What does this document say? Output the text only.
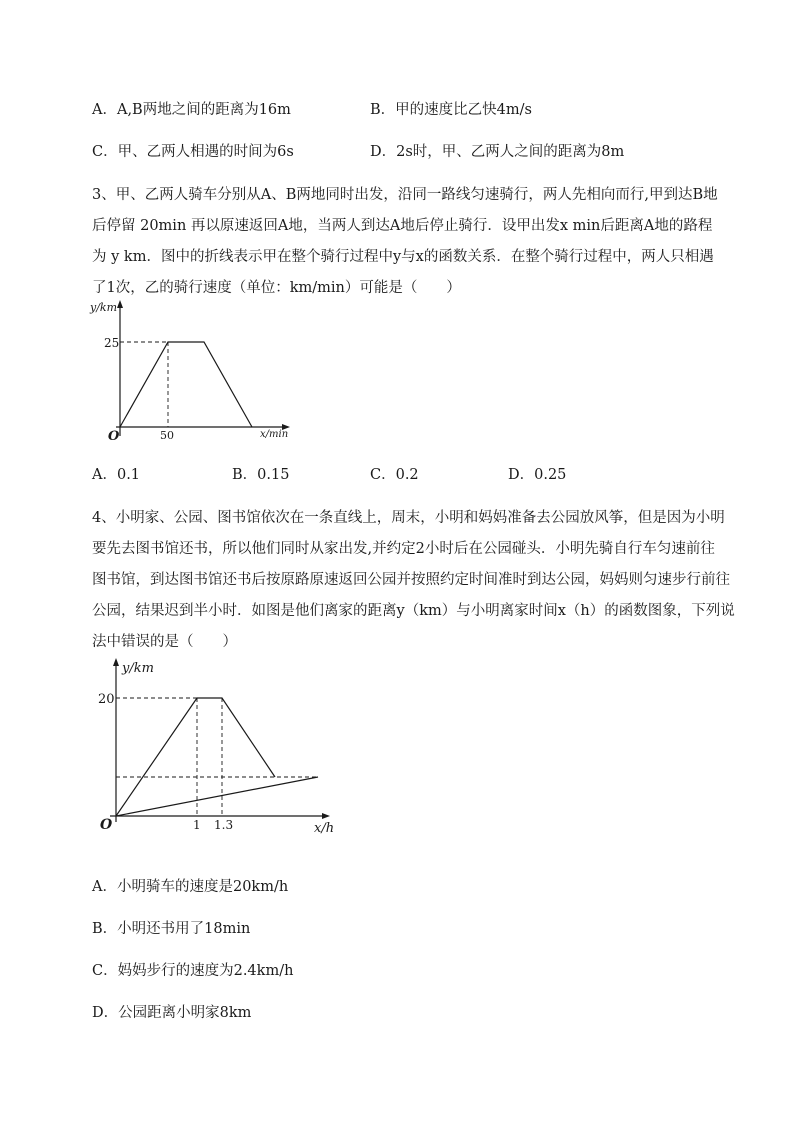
A．A,B两地之间的距离为16m	B．甲的速度比乙快4m/s
C．甲、乙两人相遇的时间为6s	D．2s时，甲、乙两人之间的距离为8m
3、甲、乙两人骑车分别从A、B两地同时出发，沿同一路线匀速骑行，两人先相向而行,甲到达B地
后停留 20min 再以原速返回A地，当两人到达A地后停止骑行．设甲出发x min后距离A地的路程
为 y km．图中的折线表示甲在整个骑行过程中y与x的函数关系．在整个骑行过程中，两人只相遇
了1次，乙的骑行速度（单位：km/min）可能是（　　）
y/km
25
50
O	x/min
A．0.1	B．0.15	C．0.2	D．0.25
4、小明家、公园、图书馆依次在一条直线上，周末，小明和妈妈准备去公园放风筝，但是因为小明
要先去图书馆还书，所以他们同时从家出发,并约定2小时后在公园碰头．小明先骑自行车匀速前往
图书馆，到达图书馆还书后按原路原速返回公园并按照约定时间准时到达公园，妈妈则匀速步行前往
公园，结果迟到半小时．如图是他们离家的距离y（km）与小明离家时间x（h）的函数图象，下列说
法中错误的是（　　）
y/km
20
O	1 1.3	x/h
A．小明骑车的速度是20km/h
B．小明还书用了18min
C．妈妈步行的速度为2.4km/h
D．公园距离小明家8km
